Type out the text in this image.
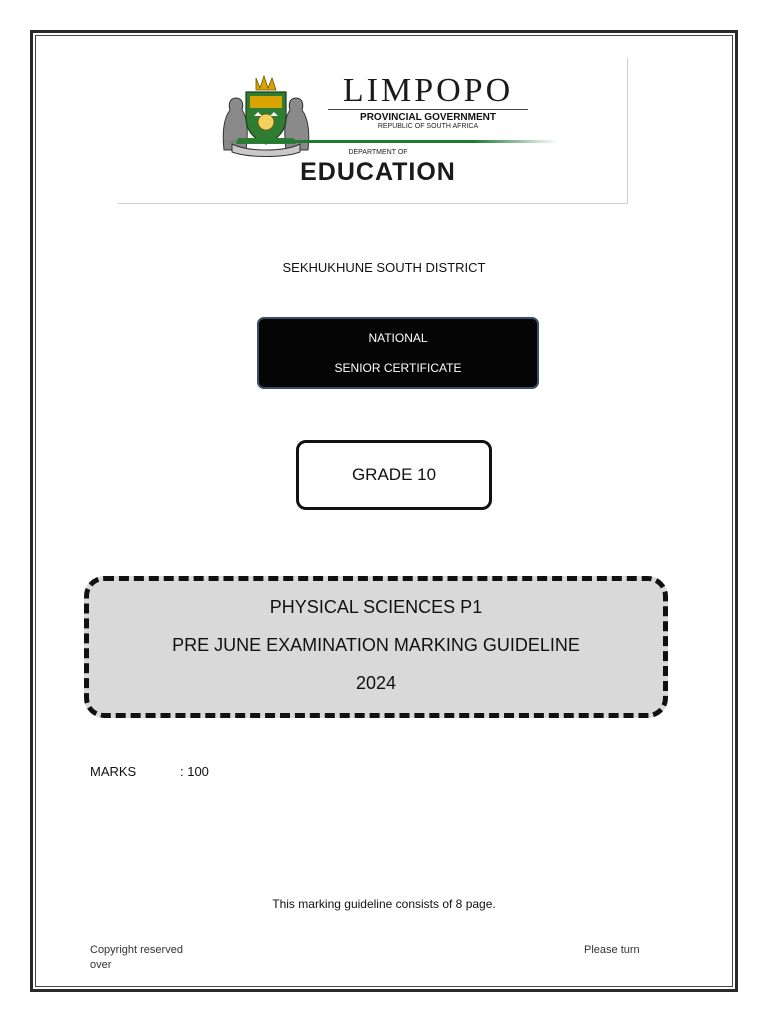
LIMPOPO
PROVINCIAL GOVERNMENT
REPUBLIC OF SOUTH AFRICA
DEPARTMENT OF
EDUCATION
SEKHUKHUNE SOUTH DISTRICT
NATIONAL
SENIOR CERTIFICATE
GRADE 10
PHYSICAL SCIENCES P1
PRE JUNE EXAMINATION MARKING GUIDELINE
2024
MARKS	: 100
This marking guideline consists of 8 page.
Copyright reserved	Please turn
over
